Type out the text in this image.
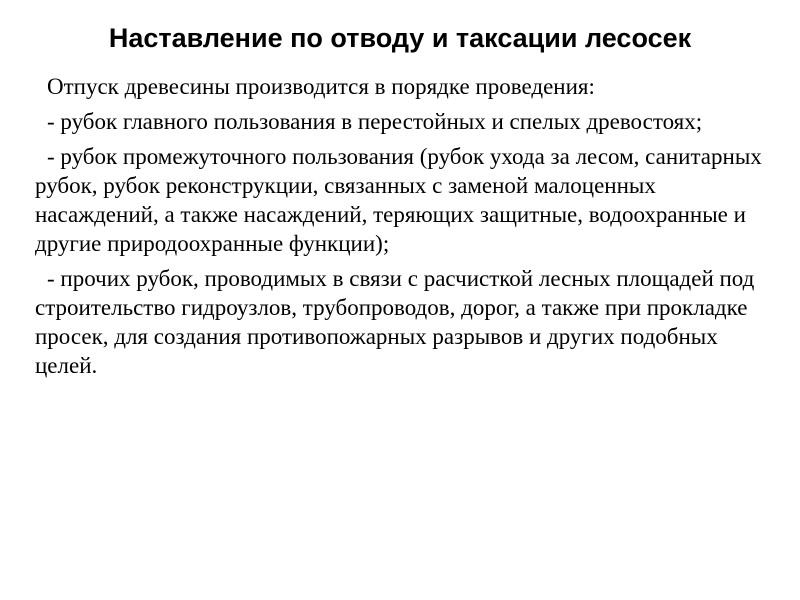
Наставление по отводу и таксации лесосек

Отпуск древесины производится в порядке проведения:

- рубок главного пользования в перестойных и спелых древостоях;

- рубок промежуточного пользования (рубок ухода за лесом, санитарных рубок, рубок реконструкции, связанных с заменой малоценных насаждений, а также насаждений, теряющих защитные, водоохранные и другие природоохранные функции);

- прочих рубок, проводимых в связи с расчисткой лесных площадей под строительство гидроузлов, трубопроводов, дорог, а также при прокладке просек, для создания противопожарных разрывов и других подобных целей.
